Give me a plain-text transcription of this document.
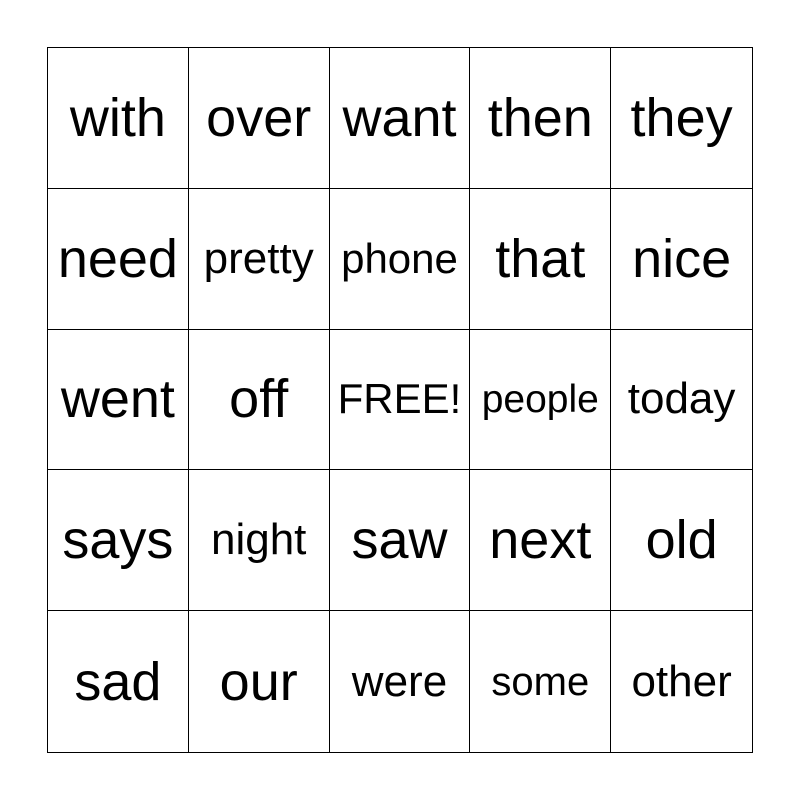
with over want then they
need pretty phone that nice
went	off	FREE! people today
says night saw next	old
sad	our	were	some other
